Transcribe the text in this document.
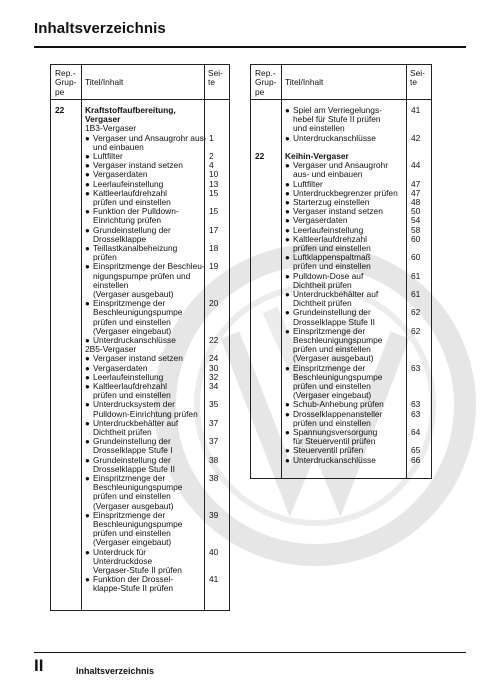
Inhaltsverzeichnis
Rep.-
Grup-
pe
Titel/Inhalt
Sei-
te
22 Kraftstoffaufbereitung,
Vergaser
1B3-Vergaser
● Vergaser und Ansaugrohr aus- 1
und einbauen
● Luftfilter	2
● Vergaser instand setzen	4
● Vergaserdaten	10
● Leerlaufeinstellung	13
● Kaltleerlaufdrehzahl	15
prüfen und einstellen
● Funktion der Pulldown-	15
Einrichtung prüfen
● Grundeinstellung der	17
Drosselklappe
● Teillastkanalbeheizung	18
prüfen
● Einspritzmenge der Beschleu- 19
nigungspumpe prüfen und
einstellen
(Vergaser ausgebaut)
● Einspritzmenge der	20
Beschleunigungspumpe
prüfen und einstellen
(Vergaser eingebaut)
● Unterdruckanschlüsse	22
2B5-Vergaser
● Vergaser instand setzen	24
● Vergaserdaten	30
● Leerlaufeinstellung	32
● Kaltleerlaufdrehzahl	34
prüfen und einstellen
● Unterdrucksystem der	35
Pulldown-Einrichtung prüfen
● Unterdruckbehälter auf	37
Dichtheit prüfen
● Grundeinstellung der	37
Drosselklappe Stufe I
● Grundeinstellung der	38
Drosselklappe Stufe II
● Einspritzmenge der	38
Beschleunigungspumpe
prüfen und einstellen
(Vergaser ausgebaut)
● Einspritzmenge der	39
Beschleunigungspumpe
prüfen und einstellen
(Vergaser eingebaut)
● Unterdruck für	40
Unterdruckdose
Vergaser-Stufe II prüfen
● Funktion der Drossel-	41
klappe-Stufe II prüfen
Rep.-
Grup-
pe
Titel/Inhalt
Sei-
te
● Spiel am Verriegelungs-	41
hebel für Stufe II prüfen
und einstellen
● Unterdruckanschlüsse	42
22 Keihin-Vergaser
● Vergaser und Ansaugrohr	44
aus- und einbauen
● Luftfilter	47
● Unterdruckbegrenzer prüfen 47
● Starterzug einstellen	48
● Vergaser instand setzen	50
● Vergaserdaten	54
● Leerlaufeinstellung	58
● Kaltleerlaufdrehzahl	60
prüfen und einstellen
● Luftklappenspaltmaß	60
prüfen und einstellen
● Pulldown-Dose auf	61
Dichtheit prüfen
● Unterdruckbehälter auf	61
Dichtheit prüfen
● Grundeinstellung der	62
Drosselklappe Stufe II
● Einspritzmenge der	62
Beschleunigungspumpe
prüfen und einstellen
(Vergaser ausgebaut)
● Einspritzmenge der	63
Beschleunigungspumpe
prüfen und einstellen
(Vergaser eingebaut)
● Schub-Anhebung prüfen	63
● Drosselklappenansteller	63
prüfen und einstellen
● Spannungsversorgung	64
für Steuerventil prüfen
● Steuerventil prüfen	65
● Unterdruckanschlüsse	66
II	Inhaltsverzeichnis
